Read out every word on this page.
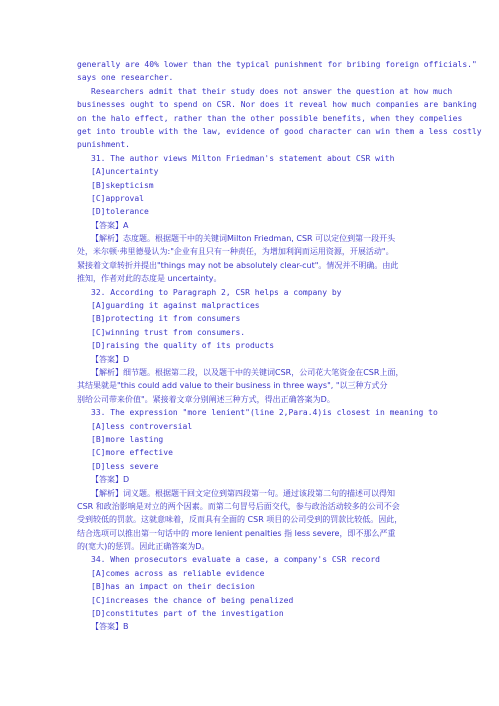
generally are 40% lower than the typical punishment for bribing foreign officials."
says one researcher.
Researchers admit that their study does not answer the question at how much
businesses ought to spend on CSR. Nor does it reveal how much companies are banking
on the halo effect, rather than the other possible benefits, when they compelies
get into trouble with the law, evidence of good character can win them a less costly
punishment.
31. The author views Milton Friedman's statement about CSR with
[A]uncertainty
[B]skepticism
[C]approval
[D]tolerance
【答案】A
【解析】态度题。根据题干中的关键词Milton Friedman, CSR 可以定位到第一段开头
处，米尔顿·弗里德曼认为:"企业有且只有一种责任，为增加利润而运用资源，开展活动"。
紧接着文章转折并提出"things may not be absolutely clear-cut"。情况并不明确。由此
推知，作者对此的态度是 uncertainty。
32. According to Paragraph 2, CSR helps a company by
[A]guarding it against malpractices
[B]protecting it from consumers
[C]winning trust from consumers.
[D]raising the quality of its products
【答案】D
【解析】细节题。根据第二段，以及题干中的关键词CSR，公司花大笔资金在CSR上面，
其结果就是"this could add value to their business in three ways", "以三种方式分
别给公司带来价值"。紧接着文章分别阐述三种方式，得出正确答案为D。
33. The expression "more lenient"(line 2,Para.4)is closest in meaning to
[A]less controversial
[B]more lasting
[C]more effective
[D]less severe
【答案】D
【解析】词义题。根据题干回文定位到第四段第一句。通过该段第二句的描述可以得知
CSR 和政治影响是对立的两个因素。而第二句冒号后面交代，参与政治活动较多的公司不会
受到较低的罚款。这就意味着，反而具有全面的 CSR 项目的公司受到的罚款比较低。因此，
结合选项可以推出第一句话中的 more lenient penalties 指 less severe，即不那么严重
的(宽大)的惩罚。因此正确答案为D。
34. When prosecutors evaluate a case, a company's CSR record
[A]comes across as reliable evidence
[B]has an impact on their decision
[C]increases the chance of being penalized
[D]constitutes part of the investigation
【答案】B
